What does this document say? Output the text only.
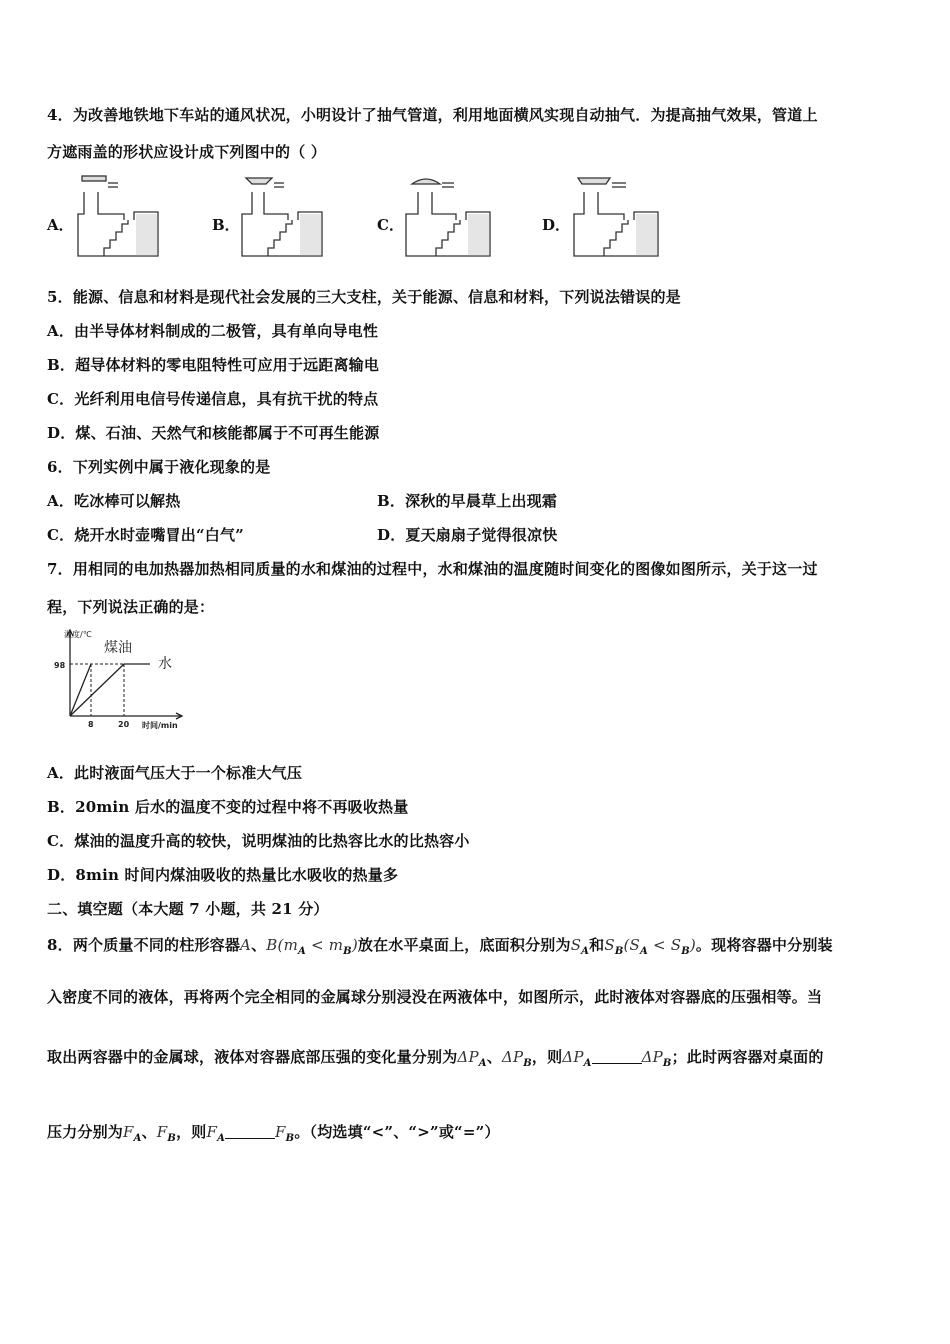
4．为改善地铁地下车站的通风状况，小明设计了抽气管道，利用地面横风实现自动抽气．为提高抽气效果，管道上
方遮雨盖的形状应设计成下列图中的（ ）
A．	B．	C．	D．
5．能源、信息和材料是现代社会发展的三大支柱，关于能源、信息和材料，下列说法错误的是
A．由半导体材料制成的二极管，具有单向导电性
B．超导体材料的零电阻特性可应用于远距离输电
C．光纤利用电信号传递信息，具有抗干扰的特点
D．煤、石油、天然气和核能都属于不可再生能源
6．下列实例中属于液化现象的是
A．吃冰棒可以解热	B．深秋的早晨草上出现霜
C．烧开水时壶嘴冒出“白气”	D．夏天扇扇子觉得很凉快
7．用相同的电加热器加热相同质量的水和煤油的过程中，水和煤油的温度随时间变化的图像如图所示，关于这一过
程，下列说法正确的是：
温度/℃
98
8	20 时间/min
煤油
水
A．此时液面气压大于一个标准大气压
B．20min 后水的温度不变的过程中将不再吸收热量
C．煤油的温度升高的较快，说明煤油的比热容比水的比热容小
D．8min 时间内煤油吸收的热量比水吸收的热量多
二、填空题（本大题 7 小题，共 21 分）
8．两个质量不同的柱形容器A、$B(m_A < m_B)$放在水平桌面上，底面积分别为$S_A$和$S_B(S_A < S_B)$。现将容器中分别装
入密度不同的液体，再将两个完全相同的金属球分别浸没在两液体中，如图所示，此时液体对容器底的压强相等。当
取出两容器中的金属球，液体对容器底部压强的变化量分别为$\Delta P_A$、$\Delta P_B$，则$\Delta P_A$	$\Delta P_B$；此时两容器对桌面的
压力分别为$F_A$、$F_B$，则$F_A$	$F_B$。（均选填“<”、“>”或“=”）
